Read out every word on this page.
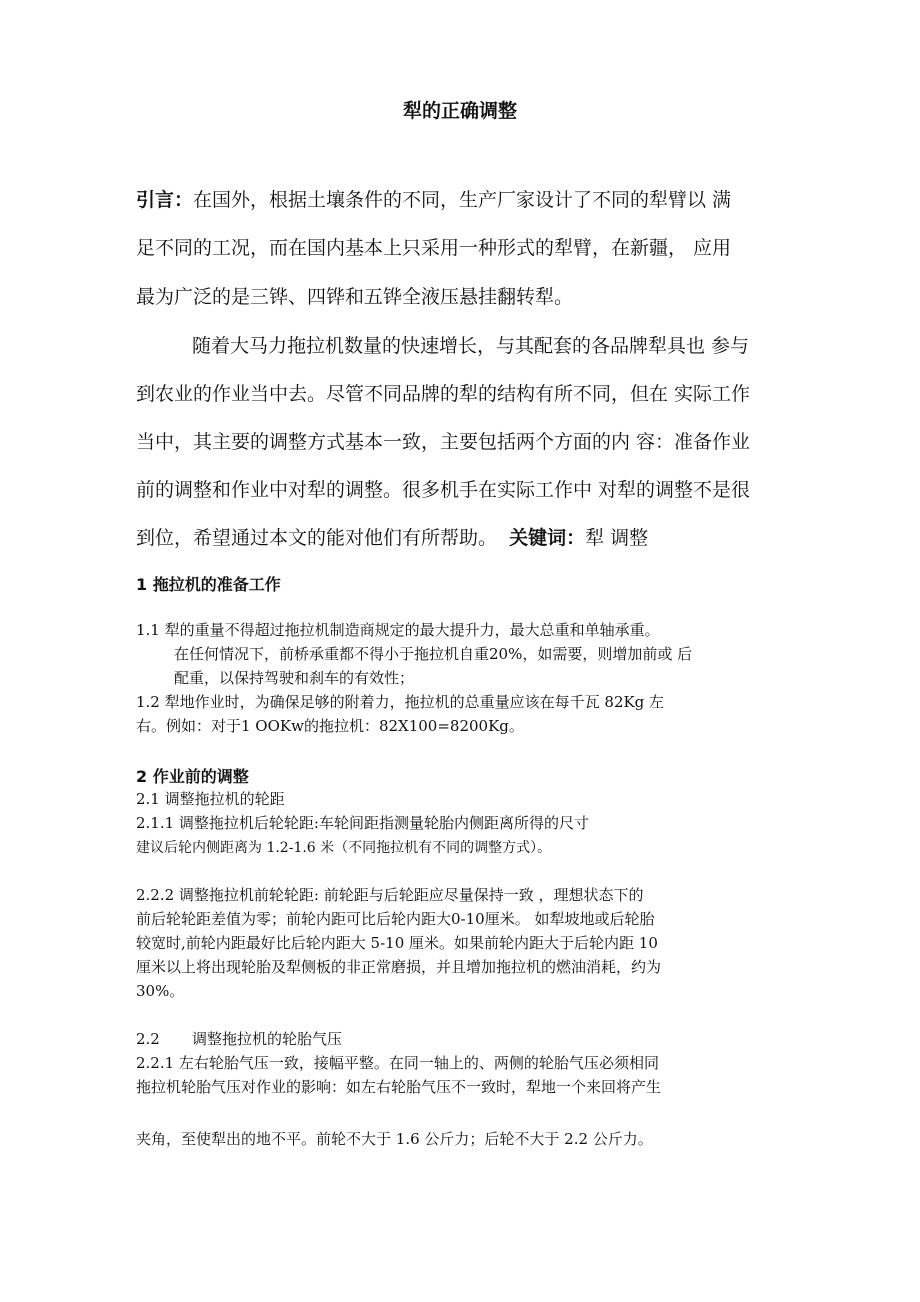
犁的正确调整
引言：在国外，根据土壤条件的不同，生产厂家设计了不同的犁臂以 满
足不同的工况，而在国内基本上只采用一种形式的犁臂，在新疆， 应用
最为广泛的是三铧、四铧和五铧全液压悬挂翻转犁。
随着大马力拖拉机数量的快速增长，与其配套的各品牌犁具也 参与
到农业的作业当中去。尽管不同品牌的犁的结构有所不同，但在 实际工作
当中，其主要的调整方式基本一致，主要包括两个方面的内 容：准备作业
前的调整和作业中对犁的调整。很多机手在实际工作中 对犁的调整不是很
到位，希望通过本文的能对他们有所帮助。 关键词：犁 调整
1 拖拉机的准备工作
1.1 犁的重量不得超过拖拉机制造商规定的最大提升力，最大总重和单轴承重。
在任何情况下，前桥承重都不得小于拖拉机自重20%，如需要，则增加前或 后
配重，以保持驾驶和刹车的有效性；
1.2 犁地作业时，为确保足够的附着力，拖拉机的总重量应该在每千瓦 82Kg 左
右。例如：对于1 OOKw的拖拉机：82X100=8200Kg。
2 作业前的调整
2.1 调整拖拉机的轮距
2.1.1 调整拖拉机后轮轮距:车轮间距指测量轮胎内侧距离所得的尺寸
建议后轮内侧距离为 1.2-1.6 米（不同拖拉机有不同的调整方式）。
2.2.2 调整拖拉机前轮轮距: 前轮距与后轮距应尽量保持一致 ，理想状态下的
前后轮轮距差值为零；前轮内距可比后轮内距大0-10厘米。 如犁坡地或后轮胎
较宽时,前轮内距最好比后轮内距大 5-10 厘米。如果前轮内距大于后轮内距 10
厘米以上将出现轮胎及犁侧板的非正常磨损，并且增加拖拉机的燃油消耗，约为
30%。
2.2 调整拖拉机的轮胎气压
2.2.1 左右轮胎气压一致，接幅平整。在同一轴上的、两侧的轮胎气压必须相同
拖拉机轮胎气压对作业的影响：如左右轮胎气压不一致时，犁地一个来回将产生
夹角，至使犁出的地不平。前轮不大于 1.6 公斤力；后轮不大于 2.2 公斤力。
